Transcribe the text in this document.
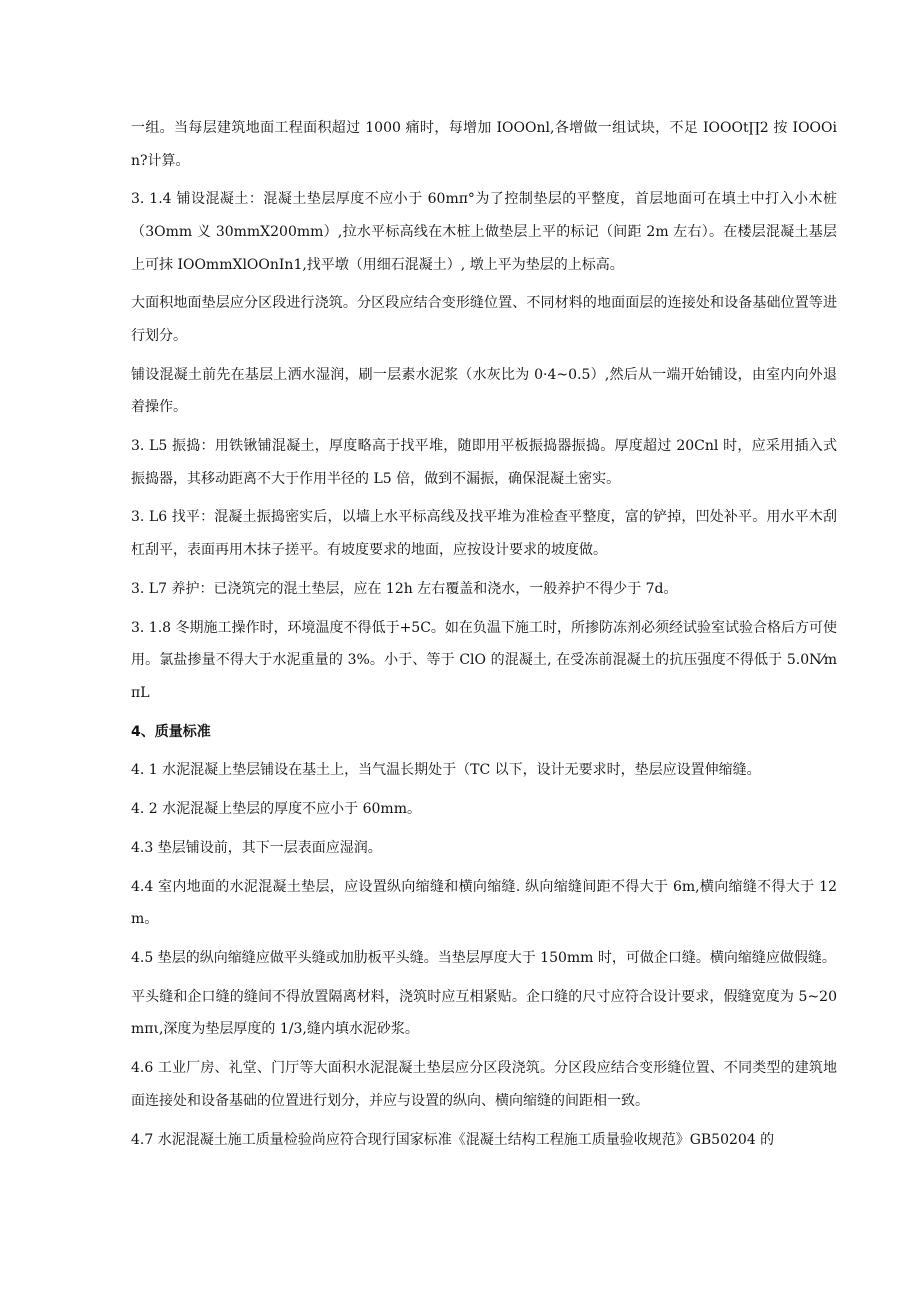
一组。当每层建筑地面工程面积超过 1000 痛时，每增加 IOOOnl,各增做一组试块，不足 IOOOt∏2 按 IOOOin?计算。

3. 1.4 铺设混凝土：混凝土垫层厚度不应小于 60mπ°为了控制垫层的平整度，首层地面可在填土中打入小木桩（3Omm 义 30mmX200mm）,拉水平标高线在木桩上做垫层上平的标记（间距 2m 左右）。在楼层混凝土基层上可抹 IOOmmXlOOnIn1,找平墩（用细石混凝土）, 墩上平为垫层的上标高。

大面积地面垫层应分区段进行浇筑。分区段应结合变形缝位置、不同材料的地面面层的连接处和设备基础位置等进行划分。

铺设混凝土前先在基层上洒水湿润，刷一层素水泥浆（水灰比为 0·4~0.5）,然后从一端开始铺设，由室内向外退着操作。

3. L5 振捣：用铁锹铺混凝土，厚度略高于找平堆，随即用平板振捣器振捣。厚度超过 20Cnl 时，应采用插入式振捣器，其移动距离不大于作用半径的 L5 倍，做到不漏振，确保混凝土密实。

3. L6 找平：混凝土振捣密实后，以墙上水平标高线及找平堆为准检查平整度，富的铲掉，凹处补平。用水平木刮杠刮平，表面再用木抹子搓平。有坡度要求的地面，应按设计要求的坡度做。

3. L7 养护：已浇筑完的混土垫层，应在 12h 左右覆盖和浇水，一般养护不得少于 7d。

3. 1.8 冬期施工操作时，环境温度不得低于+5C。如在负温下施工时，所掺防冻剂必须经试验室试验合格后方可使用。氯盐掺量不得大于水泥重量的 3%。小于、等于 ClO 的混凝土, 在受冻前混凝土的抗压强度不得低于 5.0N⁄mπL

4、质量标准

4. 1 水泥混凝上垫层铺设在基土上，当气温长期处于（TC 以下，设计无要求时，垫层应设置伸缩缝。

4. 2 水泥混凝上垫层的厚度不应小于 60mm。

4.3 垫层铺设前，其下一层表面应湿润。

4.4 室内地面的水泥混凝土垫层，应设置纵向缩缝和横向缩缝. 纵向缩缝间距不得大于 6m,横向缩缝不得大于 12m。

4.5 垫层的纵向缩缝应做平头缝或加肋板平头缝。当垫层厚度大于 150mm 时，可做企口缝。横向缩缝应做假缝。

平头缝和企口缝的缝间不得放置隔离材料，浇筑时应互相紧贴。企口缝的尺寸应符合设计要求，假缝宽度为 5~20mπι,深度为垫层厚度的 1/3,缝内填水泥砂浆。

4.6 工业厂房、礼堂、门厅等大面积水泥混凝土垫层应分区段浇筑。分区段应结合变形缝位置、不同类型的建筑地面连接处和设备基础的位置进行划分，并应与设置的纵向、横向缩缝的间距相一致。

4.7 水泥混凝土施工质量检验尚应符合现行国家标准《混凝土结构工程施工质量验收规范》GB50204 的
